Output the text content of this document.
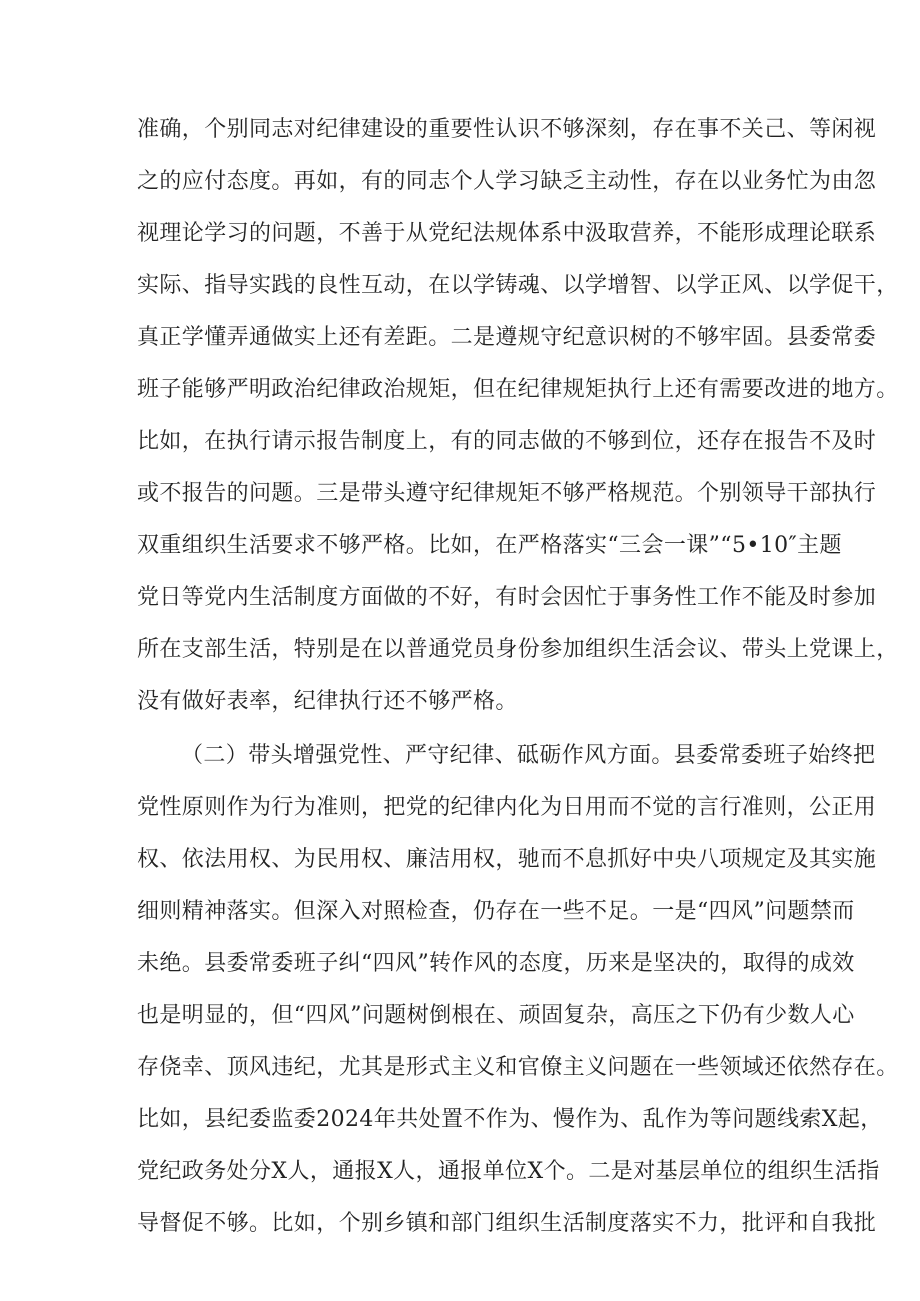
准确，个别同志对纪律建设的重要性认识不够深刻，存在事不关己、等闲视
之的应付态度。再如，有的同志个人学习缺乏主动性，存在以业务忙为由忽
视理论学习的问题，不善于从党纪法规体系中汲取营养，不能形成理论联系
实际、指导实践的良性互动，在以学铸魂、以学增智、以学正风、以学促干，
真正学懂弄通做实上还有差距。二是遵规守纪意识树的不够牢固。县委常委
班子能够严明政治纪律政治规矩，但在纪律规矩执行上还有需要改进的地方。
比如，在执行请示报告制度上，有的同志做的不够到位，还存在报告不及时
或不报告的问题。三是带头遵守纪律规矩不够严格规范。个别领导干部执行
双重组织生活要求不够严格。比如，在严格落实“三会一课”“5•10″主题
党日等党内生活制度方面做的不好，有时会因忙于事务性工作不能及时参加
所在支部生活，特别是在以普通党员身份参加组织生活会议、带头上党课上，
没有做好表率，纪律执行还不够严格。
（二）带头增强党性、严守纪律、砥砺作风方面。县委常委班子始终把
党性原则作为行为准则，把党的纪律内化为日用而不觉的言行准则，公正用
权、依法用权、为民用权、廉洁用权，驰而不息抓好中央八项规定及其实施
细则精神落实。但深入对照检查，仍存在一些不足。一是“四风”问题禁而
未绝。县委常委班子纠“四风”转作风的态度，历来是坚决的，取得的成效
也是明显的，但“四风”问题树倒根在、顽固复杂，高压之下仍有少数人心
存侥幸、顶风违纪，尤其是形式主义和官僚主义问题在一些领域还依然存在。
比如，县纪委监委2024年共处置不作为、慢作为、乱作为等问题线索X起，
党纪政务处分X人，通报X人，通报单位X个。二是对基层单位的组织生活指
导督促不够。比如，个别乡镇和部门组织生活制度落实不力，批评和自我批
